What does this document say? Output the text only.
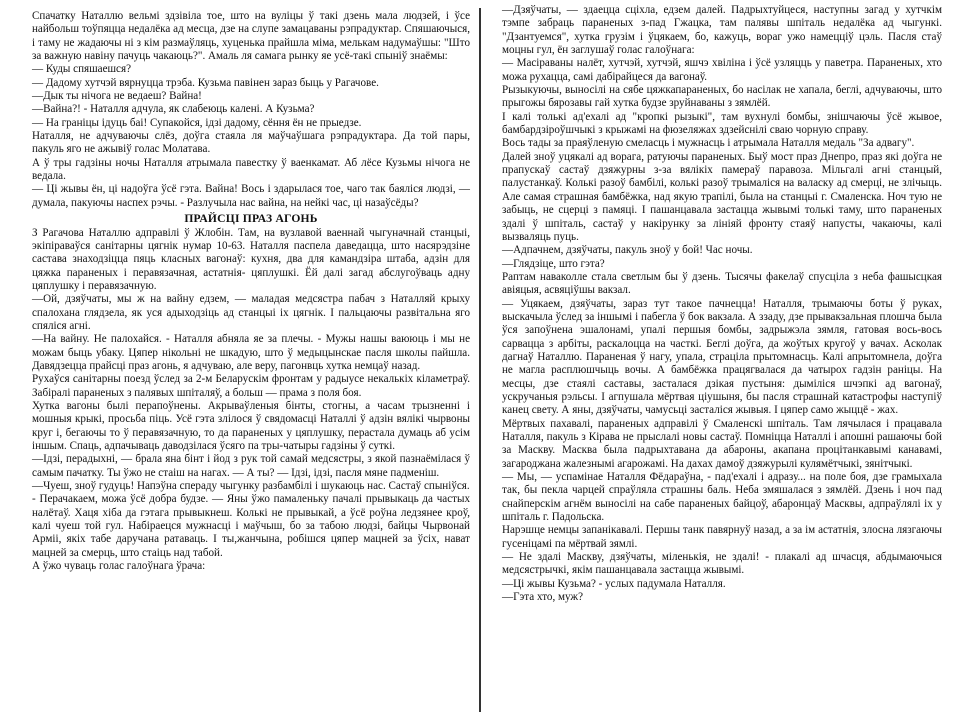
Спачатку Наталлю вельмі здзівіла тое, што на вуліцы ў такі дзень мала людзей, і ўсе найбольш тоўпяцца недалёка ад месца, дзе на слупе замацаваны рэпрадуктар. Спяшаючыся, і таму не жадаючы ні з кім размаўляць, хуценька прайшла міма, мелькам надумаўшы: "Што за важную навіну пачуць чакаюць?". Амаль ля самага рынку яе усё-такі спыніў знаёмы:

— Куды спяшаешся?

— Дадому хутчэй вярнуцца трэба. Кузьма павінен зараз быць у Рагачове.

—Дык ты нічога не ведаеш? Вайна!

—Вайна?! - Наталля адчула, як слабеюць калені. А Кузьма?

— На граніцы ідуць баі! Супакойся, ідзі дадому, сёння ён не прыедзе.

Наталля, не адчуваючы слёз, доўга стаяла ля маўчаўшага рэпрадуктара. Да той пары, пакуль яго не ажывіў голас Молатава.

А ў тры гадзіны ночы Наталля атрымала павестку ў ваенкамат. Аб лёсе Кузьмы нічога не ведала.

— Ці жывы ён, ці надоўга ўсё гэта. Вайна! Вось і здарылася тое, чаго так баяліся людзі, — думала, пакуючы наспех рэчы. - Разлучыла нас вайна, на нейкі час, ці назаўсёды?

ПРАЙСЦІ ПРАЗ АГОНЬ

З Рагачова Наталлю адправілі ў Жлобін. Там, на вузлавой ваеннай чыгуначнай станцыі, экіпіраваўся санітарны цягнік нумар 10-63. Наталля паспела даведацца, што насярэдзіне састава знаходзіцца пяць класных вагонаў: кухня, два для камандзіра штаба, адзін для цяжка параненых і перавязачная, астатнія- цяплушкі. Ёй далі загад абслугоўваць адну цяплушку і перавязачную.

—Ой, дзяўчаты, мы ж на вайну едзем, — маладая медсястра пабач з Наталляй крыху спалохана глядзела, як уся адыходзіць ад станцыі іх цягнік. І пальцаючы развітальна яго спяліся агні.

—На вайну. Не палохайся. - Наталля абняла яе за плечы. - Мужы нашы ваююць і мы не можам быць убаку. Цяпер нікольні не шкадую, што ў медыцынскае пасля школы пайшла. Давядзецца прайсці праз агонь, я адчуваю, але веру, пагонвць хутка немцаў назад.

Рухаўся санітарны поезд ўслед за 2-м Беларускім фронтам у радыусе некалькіх кіламетраў. Забіралі параненых з палявых шпіталяў, а больш — прама з поля боя.

Хутка вагоны былі перапоўнены. Акрываўленыя бінты, стогны, а часам трызненні і мошныя крыкі, просьба піць. Усё гэта злілося ў свядомасці Наталлі ў адзін вялікі чырвоны круг і, бегаючы то ў перавязачную, то да параненых у цяплушку, перастала думаць аб усім іншым. Спаць, адпачываць даводзілася ўсяго па тры-чатыры гадзіны ў суткі.

—Ідзі, перадыхні, — брала яна бінт і йод з рук той самай медсястры, з якой пазнаёмілася ў самым пачатку. Ты ўжо не стаіш на нагах. — А ты? — Ідзі, ідзі, пасля мяне падменіш.

—Чуеш, зноў гудуць! Напэўна спераду чыгунку разбамбілі і шукаюць нас. Састаў спыніўся.

- Перачакаем, можа ўсё добра будзе. — Яны ўжо памаленьку пачалі прывыкаць да частых налётаў. Хаця хіба да гэтага прывыкнеш. Колькі не прывыкай, а ўсё роўна ледзянее кроў, калі чуеш той гул. Набіраецся мужнасці і маўчыш, бо за табою людзі, байцы Чырвонай Арміі, якіх табе даручана ратаваць. І ты,жанчына, робішся цяпер мацней за ўсіх, нават мацней за смерць, што стаіць над табой.

А ўжо чуваць голас галоўнага ўрача:

—Дзяўчаты, — здаецца сціхла, едзем далей. Падрыхтуйцеся, наступны загад у хутчкім тэмпе забраць параненых з-пад Гжацка, там палявы шпіталь недалёка ад чыгункі. "Дзантуемся", хутка грузім і ўцякаем, бо, кажуць, вораг ужо намецціў цэль. Пасля стаў моцны гул, ён заглушаў голас галоўнага:

— Масіраваны налёт, хутчэй, хутчэй, яшчэ хвіліна і ўсё узляцць у паветра. Параненых, хто можа рухацца, самі дабірайцеся да вагонаў.

Рызыкуючы, выносілі на сябе цяжкапараненых, бо насілак не хапала, беглі, адчуваючы, што прыгожы бярозавы гай хутка будзе зруйнаваны з зямлёй.

І калі толькі ад'ехалі ад "кропкі рызыкі", там вухнулі бомбы, знішчаючы ўсё жывое, бамбардзіроўшчыкі з крыжамі на фюзеляжах здзейснілі сваю чорную справу.

Вось тады за праяўленую смеласць і мужнасць і атрымала Наталля медаль "За адвагу".

Далей зноў уцякалі ад ворага, ратуючы параненых. Быў мост праз Днепро, праз які доўга не прапускаў састаў дзяжурны з-за вялікіх памераў паравоза. Мільгалі агні станцый, палустанкаў. Колькі разоў бамбілі, колькі разоў трымаліся на валаску ад смерці, не злічыць. Але самая страшная бамбёжка, над якую трапілі, была на станцыі г. Смаленска. Ноч тую не забыць, не сцерці з памяці. І пашанцавала застацца жывымі толькі таму, што параненых здалі ў шпіталь, састаў у накірунку за лініяй фронту стаяў напусты, чакаючы, калі вызваляць пуць.

—Адпачнем, дзяўчаты, пакуль зноў у бой! Час ночы.

—Глядзіце, што гэта?

Раптам наваколле стала светлым бы ў дзень. Тысячы факелаў спусціла з неба фашысцкая авіяцыя, асвяціўшы вакзал.

— Уцякаем, дзяўчаты, зараз тут такое пачнецца! Наталля, трымаючы боты ў руках, выскачыла ўслед за іншымі і пабегла ў бок вакзала. А ззаду, дзе прывакзальная плошча была ўся запоўнена эшалонамі, упалі першыя бомбы, задрыжэла зямля, гатовая вось-вось сарвацца з арбіты, раскалоцца на часткі. Беглі доўга, да жоўтых кругоў у вачах. Асколак дагнаў Наталлю. Параненая ў нагу, упала, страціла прытомнасць. Калі апрытомнела, доўга не магла расплюшчыць вочы. А бамбёжка працягвалася да чатырох гадзін раніцы. На месцы, дзе стаялі саставы, засталася дзікая пустыня: дыміліся шчэпкі ад вагонаў, ускручаныя рэльсы. І агпушала мёртвая ціушыня, бы пасля страшнай катастрофы наступіў канец свету. А яны, дзяўчаты, чамусьці засталіся жывыя. І цяпер само жыццё - жах.

Мёртвых пахавалі, параненых адправілі ў Смаленскі шпіталь. Там лячылася і працавала Наталля, пакуль з Кірава не прыслалі новы састаў. Помніцца Наталлі і апошні рашаючы бой за Маскву. Масква была падрыхтавана да абароны, акапана процітанкавымі канавамі, загароджана жалезнымі агарожамі. На дахах дамоў дзяжурылі кулямётчыкі, зянітчыкі.

— Мы, — успамінае Наталля Фёдараўна, - пад'ехалі і адразу... на поле боя, дзе грамыхала так, бы пекла чарцей спраўляла страшны баль. Неба змяшалася з зямлёй. Дзень і ноч пад снайперскім агнём выносілі на сабе параненых байцоў, абаронцаў Масквы, адпраўлялі іх у шпіталь г. Падольска.

Нарэшце немцы запанікавалі. Першы танк павярнуў назад, а за ім астатнія, злосна лязгаючы гусеніцамі па мёртвай зямлі.

— Не здалі Маскву, дзяўчаты, міленькія, не здалі! - плакалі ад шчасця, абдымаючыся медсястрычкі, якім пашанцавала застацца жывымі.

—Ці жывы Кузьма? - услых падумала Наталля.

—Гэта хто, муж?
